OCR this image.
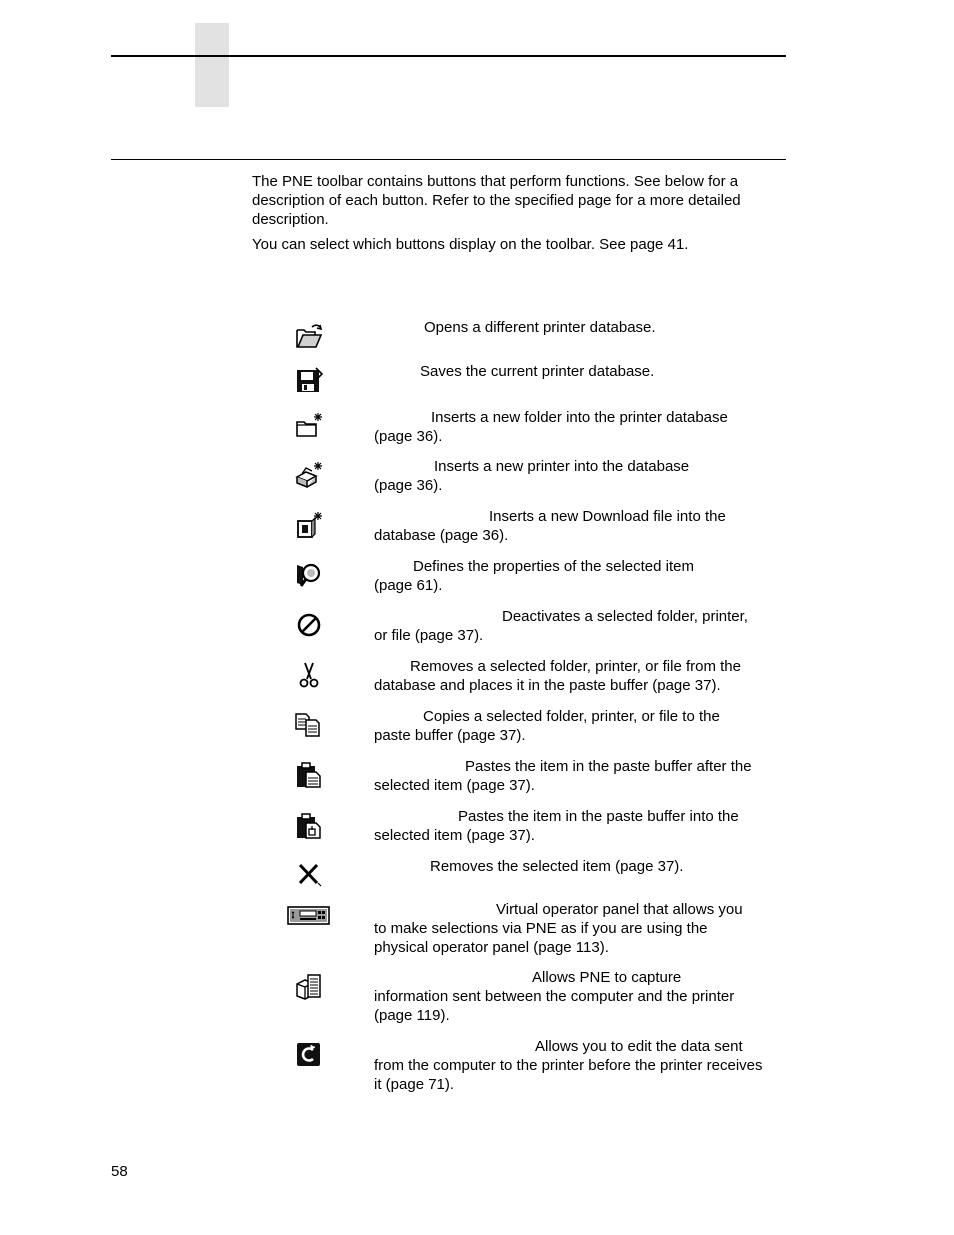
The PNE toolbar contains buttons that perform functions. See below for a description of each button. Refer to the specified page for a more detailed description.

You can select which buttons display on the toolbar. See page 41.

Opens a different printer database.
Saves the current printer database.
Inserts a new folder into the printer database
(page 36).
Inserts a new printer into the database
(page 36).
Inserts a new Download file into the
database (page 36).
Defines the properties of the selected item
(page 61).
Deactivates a selected folder, printer,
or file (page 37).
Removes a selected folder, printer, or file from the
database and places it in the paste buffer (page 37).
Copies a selected folder, printer, or file to the
paste buffer (page 37).
Pastes the item in the paste buffer after the
selected item (page 37).
Pastes the item in the paste buffer into the
selected item (page 37).
Removes the selected item (page 37).
Virtual operator panel that allows you
to make selections via PNE as if you are using the physical operator panel (page 113).
Allows PNE to capture
information sent between the computer and the printer (page 119).
Allows you to edit the data sent
from the computer to the printer before the printer receives it (page 71).
58
